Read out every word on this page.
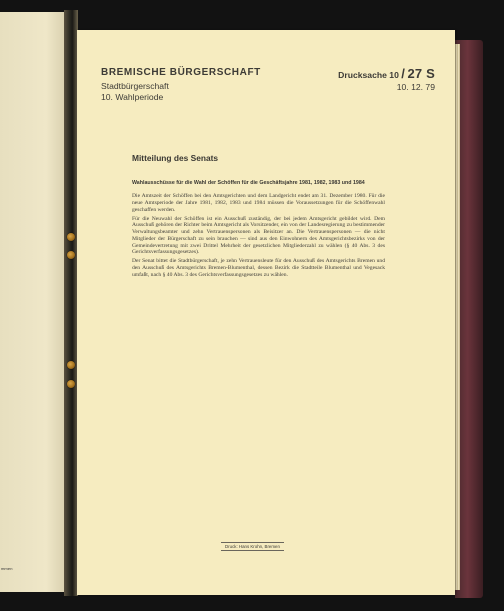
mmen
BREMISCHE BÜRGERSCHAFT
Stadtbürgerschaft
10. Wahlperiode
Drucksache 10 / 27 S
10. 12. 79
Mitteilung des Senats
Wahlausschüsse für die Wahl der Schöffen für die Geschäftsjahre 1981, 1982, 1983 und 1984

Die Amtszeit der Schöffen bei den Amtsgerichten und dem Landgericht endet am 31. Dezember 1980. Für die neue Amtsperiode der Jahre 1981, 1982, 1983 und 1984 müssen die Voraussetzungen für die Schöffenwahl geschaffen werden.

Für die Neuwahl der Schöffen ist ein Ausschuß zuständig, der bei jedem Amtsgericht gebildet wird. Dem Ausschuß gehören der Richter beim Amtsgericht als Vorsitzender, ein von der Landesregierung zu bestimmender Verwaltungsbeamter und zehn Vertrauenspersonen als Beisitzer an. Die Vertrauenspersonen — die nicht Mitglieder der Bürgerschaft zu sein brauchen — sind aus den Einwohnern des Amtsgerichtsbezirks von der Gemeindevertretung mit zwei Drittel Mehrheit der gesetzlichen Mitgliederzahl zu wählen (§ 40 Abs. 3 des Gerichtsverfassungsgesetzes).

Der Senat bittet die Stadtbürgerschaft, je zehn Vertrauensleute für den Ausschuß des Amtsgerichts Bremen und den Ausschuß des Amtsgerichts Bremen-Blumenthal, dessen Bezirk die Stadtteile Blumenthal und Vegesack umfaßt, nach § 40 Abs. 3 des Gerichtsverfassungsgesetzes zu wählen.

Druck: Hans Krohn, Bremen
